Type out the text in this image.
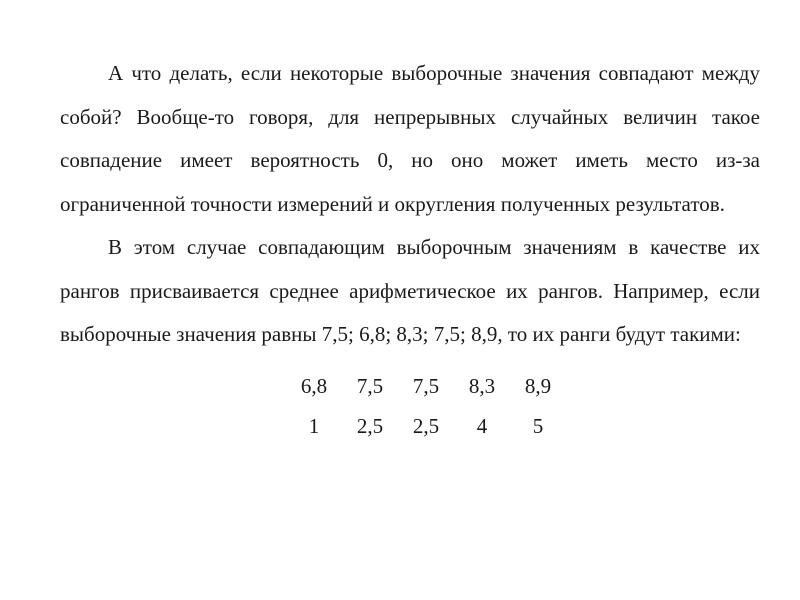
А что делать, если некоторые выборочные значения совпадают между собой? Вообще-то говоря, для непрерывных случайных величин такое совпадение имеет вероятность 0, но оно может иметь место из-за ограниченной точности измерений и округления полученных результатов.

В этом случае совпадающим выборочным значениям в качестве их рангов присваивается среднее арифметическое их рангов. Например, если выборочные значения равны 7,5; 6,8; 8,3; 7,5; 8,9, то их ранги будут такими:

6,8	7,5	7,5	8,3	8,9
1	2,5	2,5	4	5
